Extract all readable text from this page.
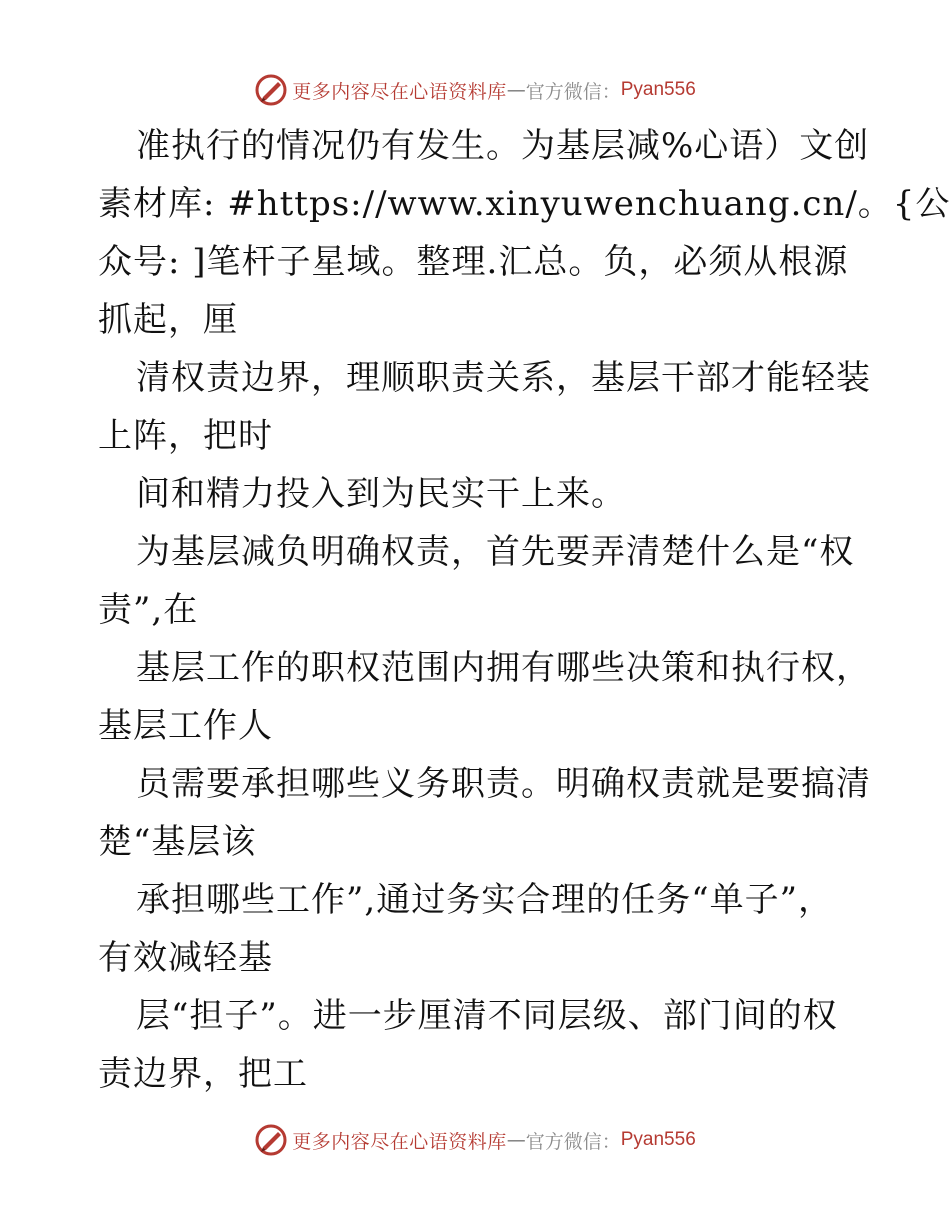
更多内容尽在心语资料库 — 官方微信： Pyan556
准执行的情况仍有发生。为基层减%心语）文创
素材库: #https://www.xinyuwenchuang.cn/。{公
众号: ]笔杆子星域。整理.汇总。负，必须从根源
抓起，厘
清权责边界，理顺职责关系，基层干部才能轻装
上阵，把时
间和精力投入到为民实干上来。
为基层减负明确权责，首先要弄清楚什么是“权
责”,在
基层工作的职权范围内拥有哪些决策和执行权，
基层工作人
员需要承担哪些义务职责。明确权责就是要搞清
楚“基层该
承担哪些工作”,通过务实合理的任务“单子”，
有效减轻基
层“担子”。进一步厘清不同层级、部门间的权
责边界，把工
更多内容尽在心语资料库 — 官方微信： Pyan556
